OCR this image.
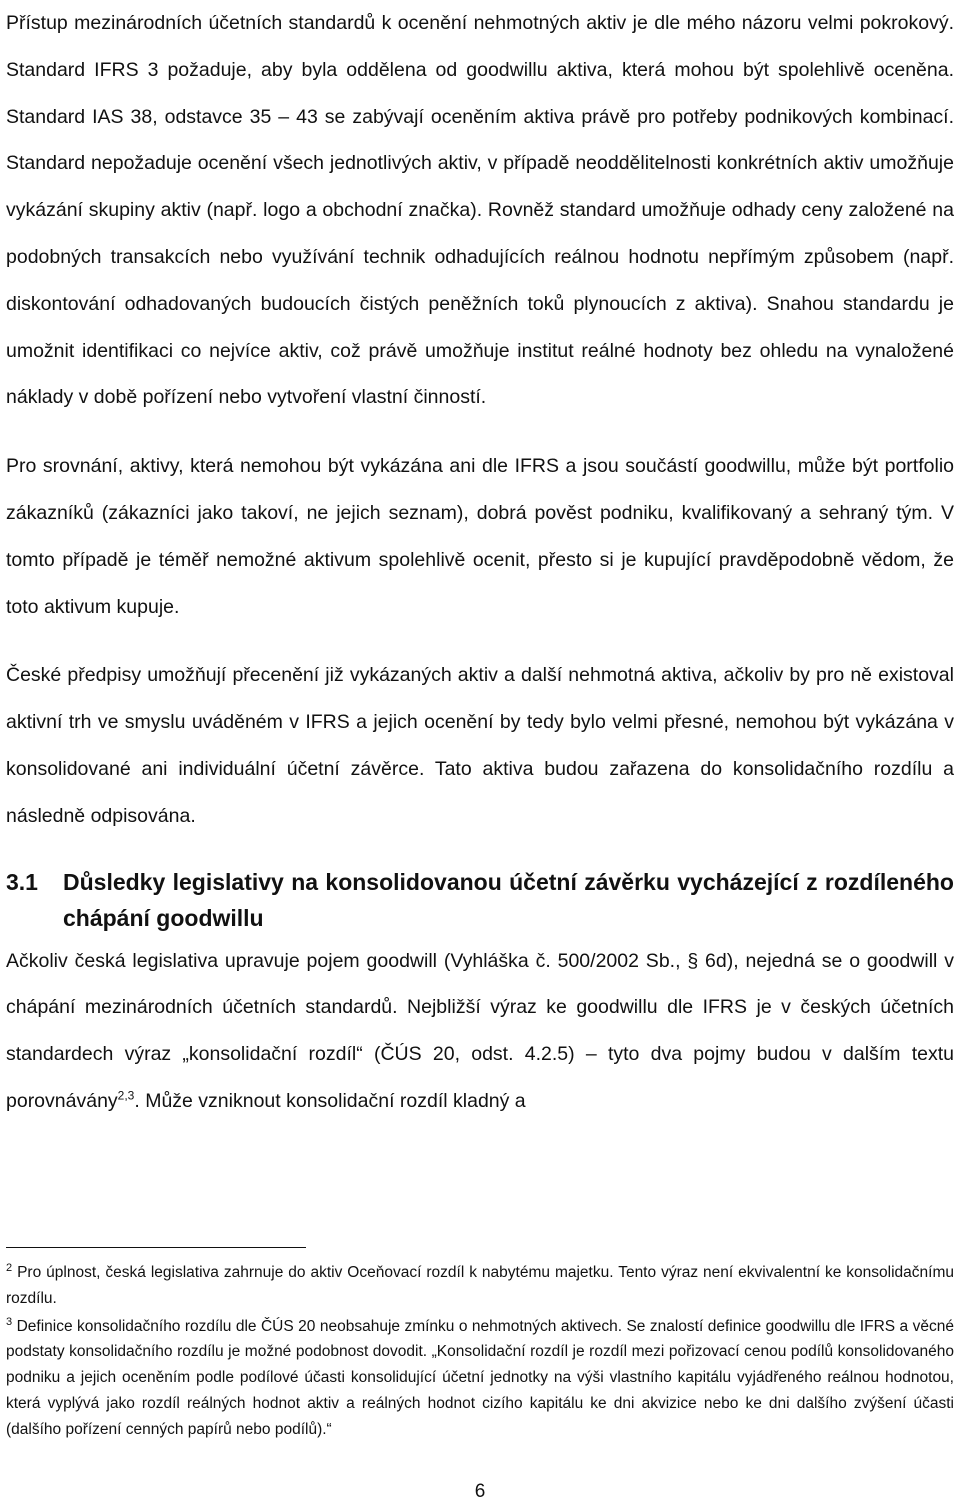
Přístup mezinárodních účetních standardů k ocenění nehmotných aktiv je dle mého názoru velmi pokrokový. Standard IFRS 3 požaduje, aby byla oddělena od goodwillu aktiva, která mohou být spolehlivě oceněna. Standard IAS 38, odstavce 35 – 43 se zabývají oceněním aktiva právě pro potřeby podnikových kombinací. Standard nepožaduje ocenění všech jednotlivých aktiv, v případě neoddělitelnosti konkrétních aktiv umožňuje vykázání skupiny aktiv (např. logo a obchodní značka). Rovněž standard umožňuje odhady ceny založené na podobných transakcích nebo využívání technik odhadujících reálnou hodnotu nepřímým způsobem (např. diskontování odhadovaných budoucích čistých peněžních toků plynoucích z aktiva). Snahou standardu je umožnit identifikaci co nejvíce aktiv, což právě umožňuje institut reálné hodnoty bez ohledu na vynaložené náklady v době pořízení nebo vytvoření vlastní činností.

Pro srovnání, aktivy, která nemohou být vykázána ani dle IFRS a jsou součástí goodwillu, může být portfolio zákazníků (zákazníci jako takoví, ne jejich seznam), dobrá pověst podniku, kvalifikovaný a sehraný tým. V tomto případě je téměř nemožné aktivum spolehlivě ocenit, přesto si je kupující pravděpodobně vědom, že toto aktivum kupuje.

České předpisy umožňují přecenění již vykázaných aktiv a další nehmotná aktiva, ačkoliv by pro ně existoval aktivní trh ve smyslu uváděném v IFRS a jejich ocenění by tedy bylo velmi přesné, nemohou být vykázána v konsolidované ani individuální účetní závěrce. Tato aktiva budou zařazena do konsolidačního rozdílu a následně odpisována.

3.1 Důsledky legislativy na konsolidovanou účetní závěrku vycházející z rozdíleného chápání goodwillu

Ačkoliv česká legislativa upravuje pojem goodwill (Vyhláška č. 500/2002 Sb., § 6d), nejedná se o goodwill v chápání mezinárodních účetních standardů. Nejbližší výraz ke goodwillu dle IFRS je v českých účetních standardech výraz „konsolidační rozdíl“ (ČÚS 20, odst. 4.2.5) – tyto dva pojmy budou v dalším textu porovnávány$^{2,3}$. Může vzniknout konsolidační rozdíl kladný a

$^2$ Pro úplnost, česká legislativa zahrnuje do aktiv Oceňovací rozdíl k nabytému majetku. Tento výraz není ekvivalentní ke konsolidačnímu rozdílu.

$^3$ Definice konsolidačního rozdílu dle ČÚS 20 neobsahuje zmínku o nehmotných aktivech. Se znalostí definice goodwillu dle IFRS a věcné podstaty konsolidačního rozdílu je možné podobnost dovodit. „Konsolidační rozdíl je rozdíl mezi pořizovací cenou podílů konsolidovaného podniku a jejich oceněním podle podílové účasti konsolidující účetní jednotky na výši vlastního kapitálu vyjádřeného reálnou hodnotou, která vyplývá jako rozdíl reálných hodnot aktiv a reálných hodnot cizího kapitálu ke dni akvizice nebo ke dni dalšího zvýšení účasti (dalšího pořízení cenných papírů nebo podílů).“

6
